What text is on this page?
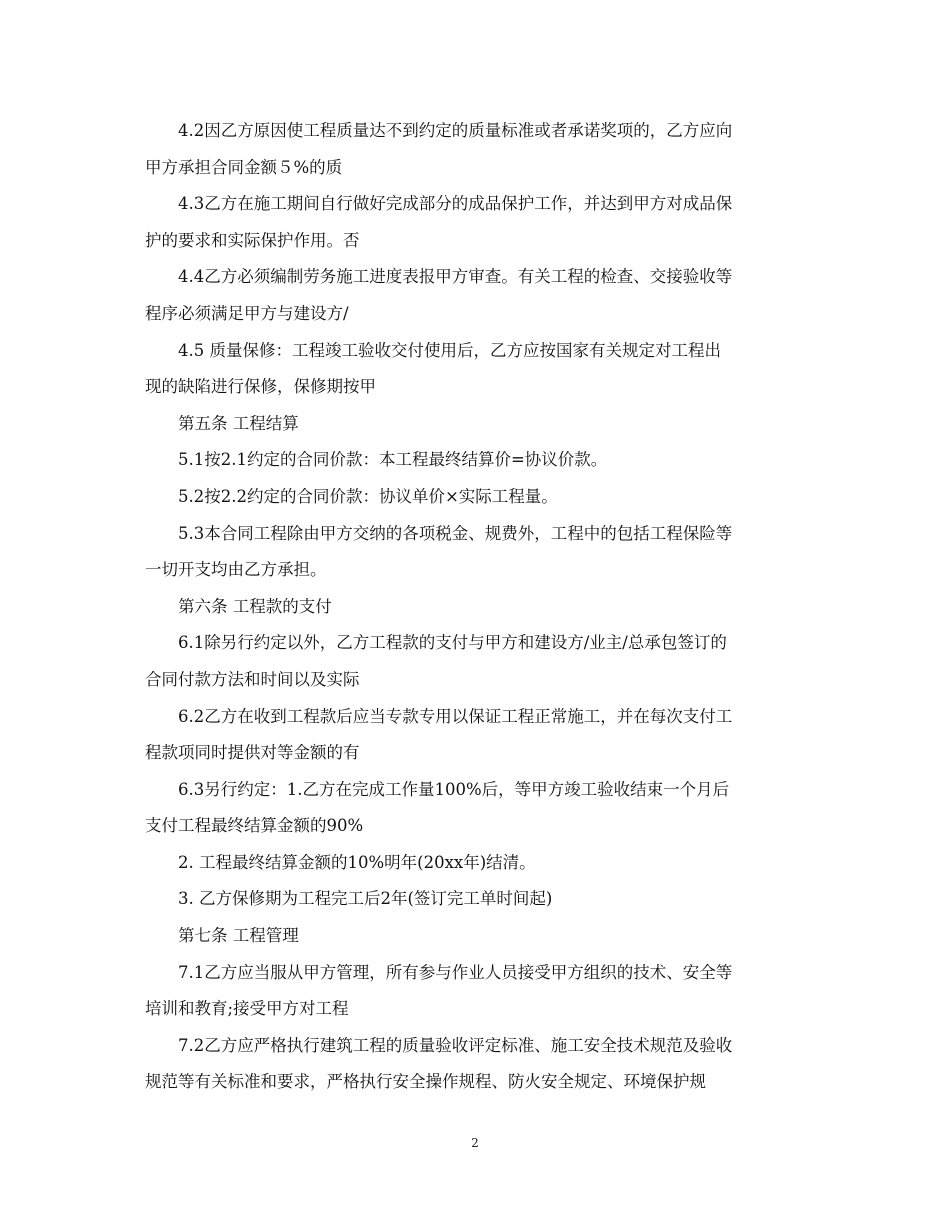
4.2因乙方原因使工程质量达不到约定的质量标准或者承诺奖项的，乙方应向
甲方承担合同金额５%的质
4.3乙方在施工期间自行做好完成部分的成品保护工作，并达到甲方对成品保
护的要求和实际保护作用。否
4.4乙方必须编制劳务施工进度表报甲方审查。有关工程的检查、交接验收等
程序必须满足甲方与建设方/
4.5 质量保修：工程竣工验收交付使用后，乙方应按国家有关规定对工程出
现的缺陷进行保修，保修期按甲
第五条 工程结算
5.1按2.1约定的合同价款：本工程最终结算价=协议价款。
5.2按2.2约定的合同价款：协议单价×实际工程量。
5.3本合同工程除由甲方交纳的各项税金、规费外，工程中的包括工程保险等
一切开支均由乙方承担。
第六条 工程款的支付
6.1除另行约定以外，乙方工程款的支付与甲方和建设方/业主/总承包签订的
合同付款方法和时间以及实际
6.2乙方在收到工程款后应当专款专用以保证工程正常施工，并在每次支付工
程款项同时提供对等金额的有
6.3另行约定：1.乙方在完成工作量100%后，等甲方竣工验收结束一个月后
支付工程最终结算金额的90%
2. 工程最终结算金额的10%明年(20xx年)结清。
3. 乙方保修期为工程完工后2年(签订完工单时间起)
第七条 工程管理
7.1乙方应当服从甲方管理，所有参与作业人员接受甲方组织的技术、安全等
培训和教育;接受甲方对工程
7.2乙方应严格执行建筑工程的质量验收评定标准、施工安全技术规范及验收
规范等有关标准和要求，严格执行安全操作规程、防火安全规定、环境保护规
2
